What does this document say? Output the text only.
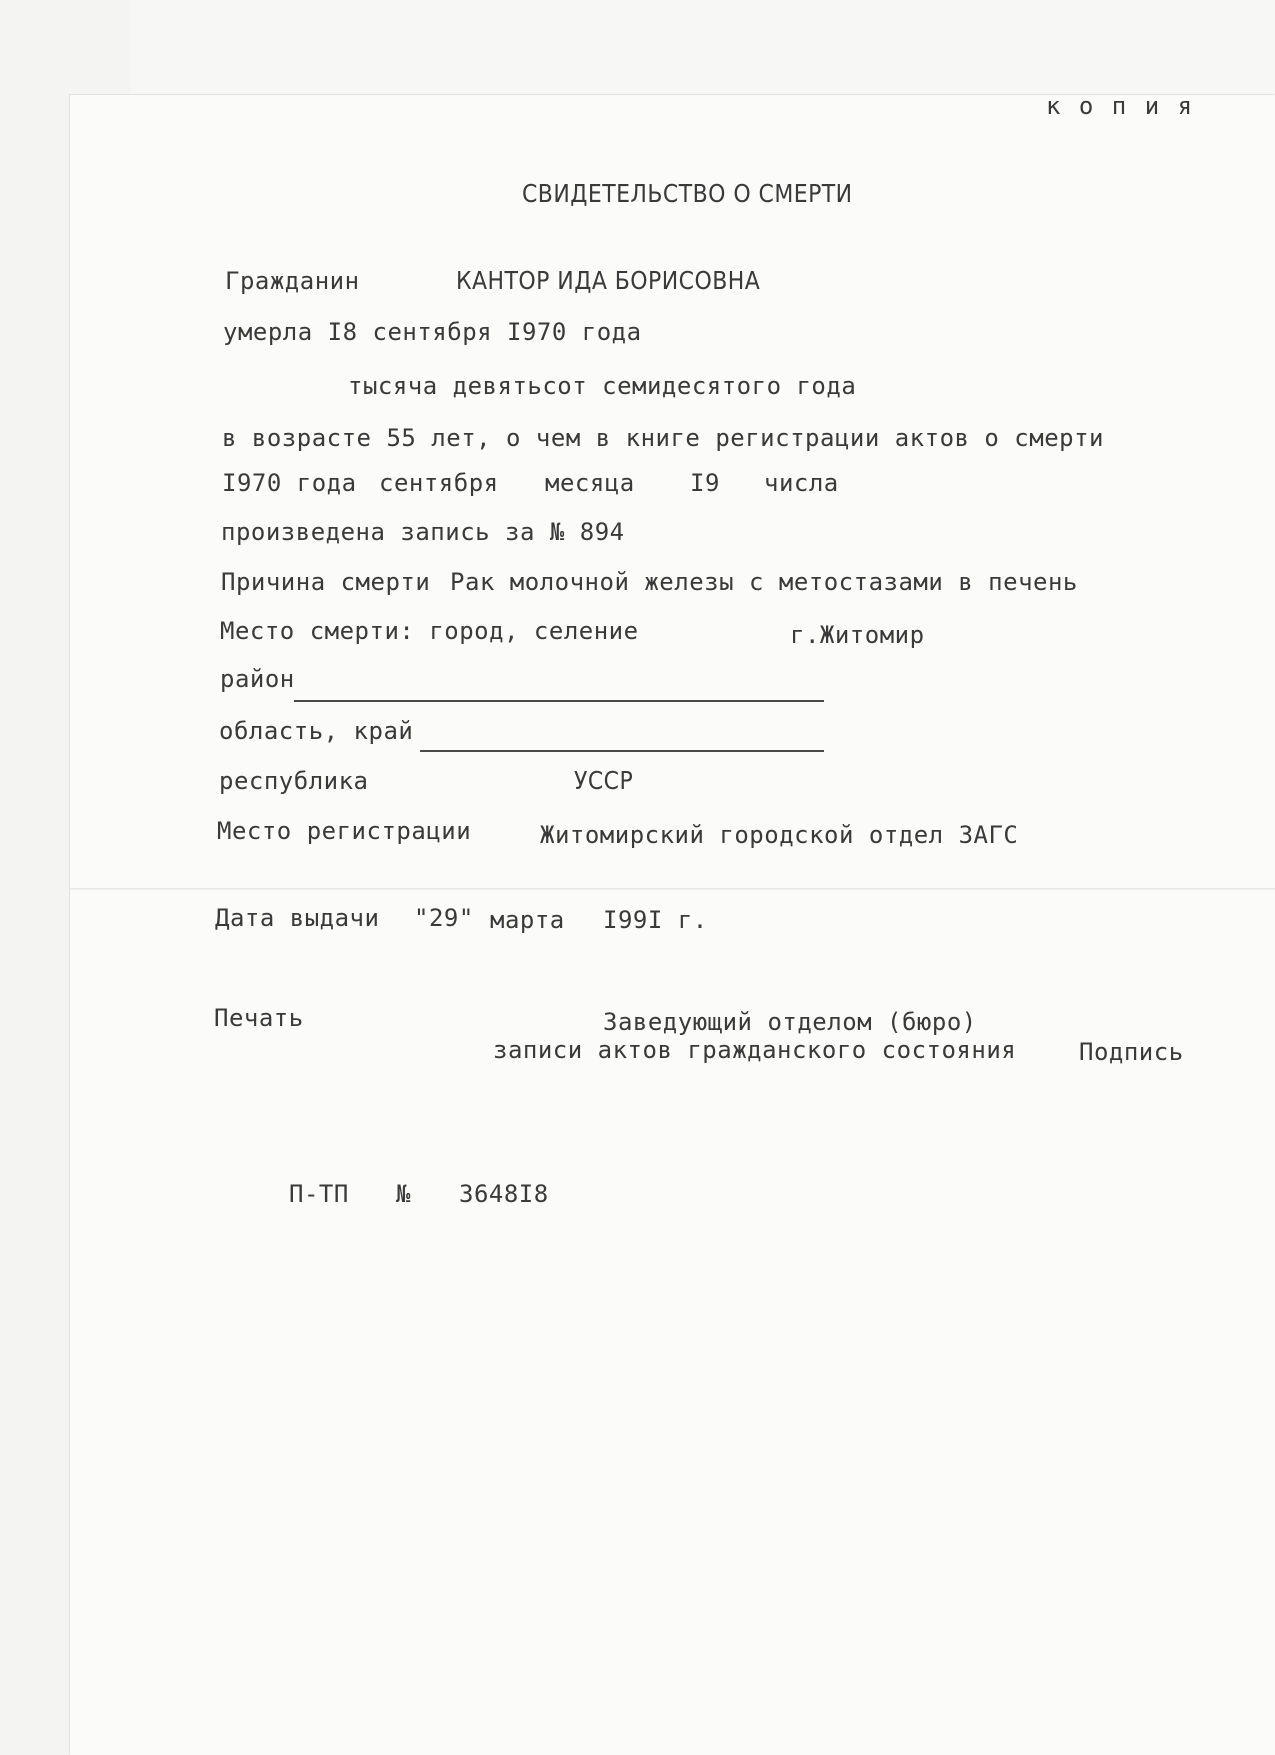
к о п и я
СВИДЕТЕЛЬСТВО О СМЕРТИ
Гражданин	КАНТОР ИДА БОРИСОВНА
умерла I8 сентября I970 года
тысяча девятьсот семидесятого года
в возрасте 55 лет, о чем в книге регистрации актов о смерти
I970 года сентября месяца I9 числа
произведена запись за № 894
Причина смерти Рак молочной железы с метостазами в печень
Место смерти: город, селение	г.Житомир
район
область, край
республика	УССР
Место регистрации	Житомирский городской отдел ЗАГС
Дата выдачи "29" марта I99I г.
Печать	Заведующий отделом (бюро)
записи актов гражданского состояния	Подпись
П-ТП № 3648I8
